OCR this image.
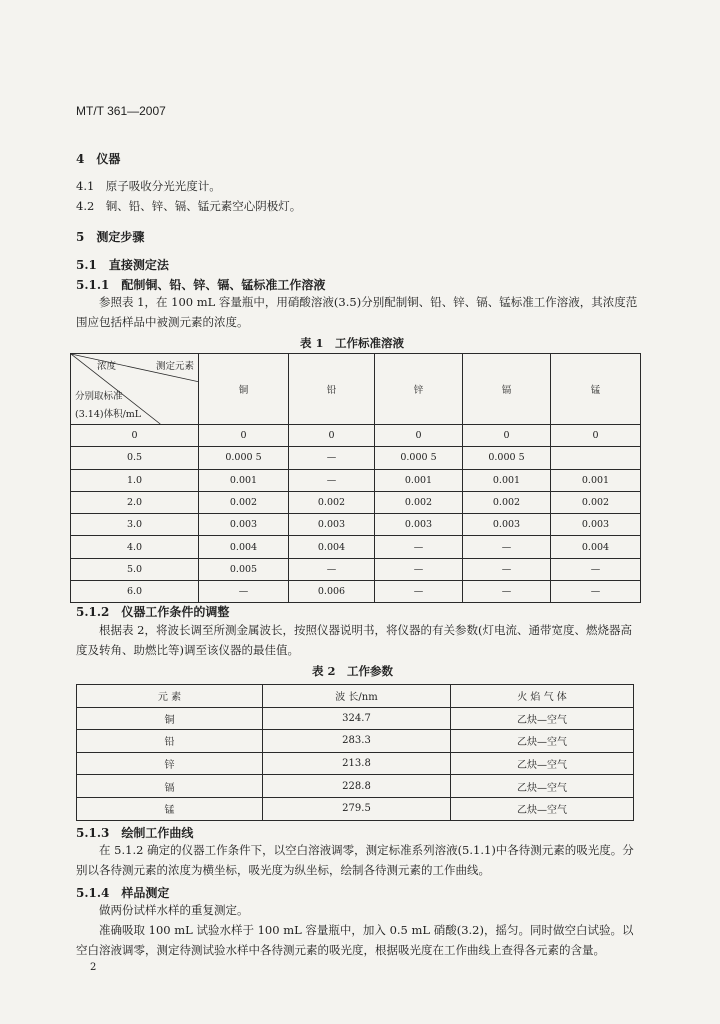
MT/T 361—2007
4　仪器
4.1　原子吸收分光光度计。
4.2　铜、铅、锌、镉、锰元素空心阴极灯。
5　测定步骤
5.1　直接测定法
5.1.1　配制铜、铅、锌、镉、锰标准工作溶液
参照表 1，在 100 mL 容量瓶中，用硝酸溶液(3.5)分别配制铜、铅、锌、镉、锰标准工作溶液，其浓度范围应包括样品中被测元素的浓度。
表 1　工作标准溶液
浓度 测定元素
分别取标准
(3.14)体积/mL	铜	铅	锌	镉	锰
0	0	0	0	0	0
0.5	0.000 5	—	0.000 5	0.000 5	
1.0	0.001	—	0.001	0.001	0.001
2.0	0.002	0.002	0.002	0.002	0.002
3.0	0.003	0.003	0.003	0.003	0.003
4.0	0.004	0.004	—	—	0.004
5.0	0.005	—	—	—	—
6.0	—	0.006	—	—	—
5.1.2　仪器工作条件的调整
根据表 2，将波长调至所测金属波长，按照仪器说明书，将仪器的有关参数(灯电流、通带宽度、燃烧器高度及转角、助燃比等)调至该仪器的最佳值。
表 2　工作参数
元 素	波 长/nm	火 焰 气 体
铜	324.7	乙炔—空气
铅	283.3	乙炔—空气
锌	213.8	乙炔—空气
镉	228.8	乙炔—空气
锰	279.5	乙炔—空气
5.1.3　绘制工作曲线
在 5.1.2 确定的仪器工作条件下，以空白溶液调零，测定标准系列溶液(5.1.1)中各待测元素的吸光度。分别以各待测元素的浓度为横坐标，吸光度为纵坐标，绘制各待测元素的工作曲线。
5.1.4　样品测定
做两份试样水样的重复测定。
准确吸取 100 mL 试验水样于 100 mL 容量瓶中，加入 0.5 mL 硝酸(3.2)，摇匀。同时做空白试验。以空白溶液调零，测定待测试验水样中各待测元素的吸光度，根据吸光度在工作曲线上查得各元素的含量。
2
